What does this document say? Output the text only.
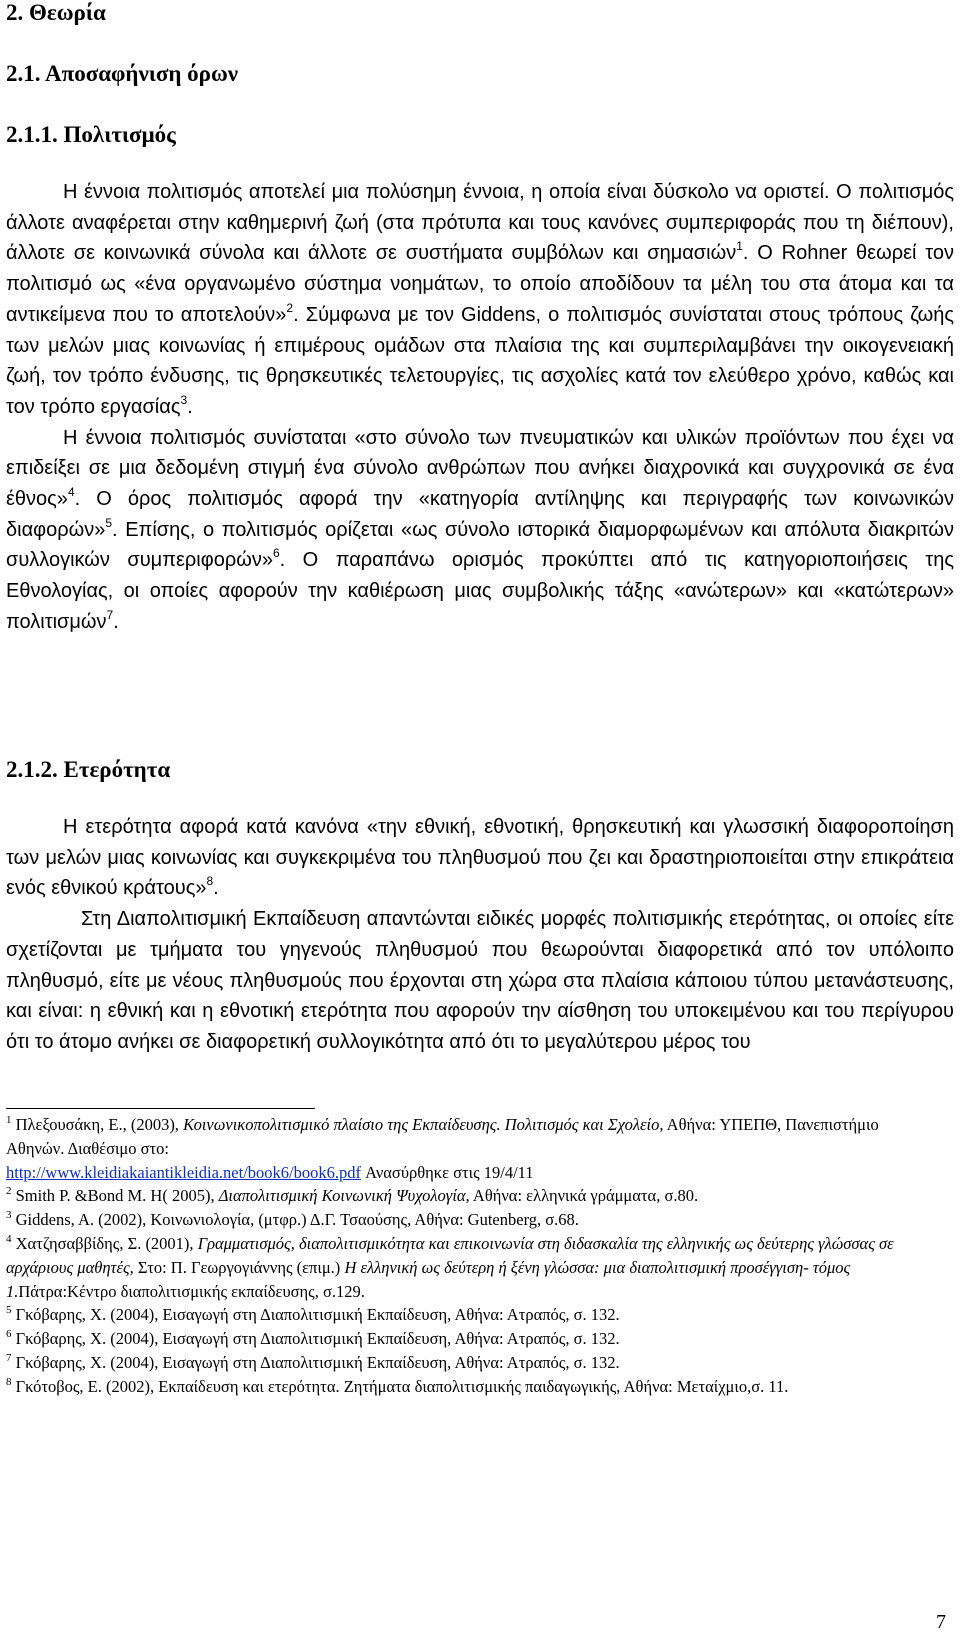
2. Θεωρία
2.1. Αποσαφήνιση όρων
2.1.1. Πολιτισμός

Η έννοια πολιτισμός αποτελεί μια πολύσημη έννοια, η οποία είναι δύσκολο να οριστεί. Ο πολιτισμός άλλοτε αναφέρεται στην καθημερινή ζωή (στα πρότυπα και τους κανόνες συμπεριφοράς που τη διέπουν), άλλοτε σε κοινωνικά σύνολα και άλλοτε σε συστήματα συμβόλων και σημασιών$^1$. Ο Rohner θεωρεί τον πολιτισμό ως «ένα οργανωμένο σύστημα νοημάτων, το οποίο αποδίδουν τα μέλη του στα άτομα και τα αντικείμενα που το αποτελούν»$^2$. Σύμφωνα με τον Giddens, ο πολιτισμός συνίσταται στους τρόπους ζωής των μελών μιας κοινωνίας ή επιμέρους ομάδων στα πλαίσια της και συμπεριλαμβάνει την οικογενειακή ζωή, τον τρόπο ένδυσης, τις θρησκευτικές τελετουργίες, τις ασχολίες κατά τον ελεύθερο χρόνο, καθώς και τον τρόπο εργασίας$^3$.

Η έννοια πολιτισμός συνίσταται «στο σύνολο των πνευματικών και υλικών προϊόντων που έχει να επιδείξει σε μια δεδομένη στιγμή ένα σύνολο ανθρώπων που ανήκει διαχρονικά και συγχρονικά σε ένα έθνος»$^4$. Ο όρος πολιτισμός αφορά την «κατηγορία αντίληψης και περιγραφής των κοινωνικών διαφορών»$^5$. Επίσης, ο πολιτισμός ορίζεται «ως σύνολο ιστορικά διαμορφωμένων και απόλυτα διακριτών συλλογικών συμπεριφορών»$^6$. Ο παραπάνω ορισμός προκύπτει από τις κατηγοριοποιήσεις της Εθνολογίας, οι οποίες αφορούν την καθιέρωση μιας συμβολικής τάξης «ανώτερων» και «κατώτερων» πολιτισμών$^7$.

2.1.2. Ετερότητα

Η ετερότητα αφορά κατά κανόνα «την εθνική, εθνοτική, θρησκευτική και γλωσσική διαφοροποίηση των μελών μιας κοινωνίας και συγκεκριμένα του πληθυσμού που ζει και δραστηριοποιείται στην επικράτεια ενός εθνικού κράτους»$^8$.

Στη Διαπολιτισμική Εκπαίδευση απαντώνται ειδικές μορφές πολιτισμικής ετερότητας, οι οποίες είτε σχετίζονται με τμήματα του γηγενούς πληθυσμού που θεωρούνται διαφορετικά από τον υπόλοιπο πληθυσμό, είτε με νέους πληθυσμούς που έρχονται στη χώρα στα πλαίσια κάποιου τύπου μετανάστευσης, και είναι: η εθνική και η εθνοτική ετερότητα που αφορούν την αίσθηση του υποκειμένου και του περίγυρου ότι το άτομο ανήκει σε διαφορετική συλλογικότητα από ότι το μεγαλύτερου μέρος του

$^1$ Πλεξουσάκη, Ε., (2003), Κοινωνικοπολιτισμικό πλαίσιο της Εκπαίδευσης. Πολιτισμός και Σχολείο, Αθήνα: ΥΠΕΠΘ, Πανεπιστήμιο Αθηνών. Διαθέσιμο στο:
http://www.kleidiakaiantikleidia.net/book6/book6.pdf Ανασύρθηκε στις 19/4/11

$^2$ Smith P. &Bond M. H( 2005), Διαπολιτισμική Κοινωνική Ψυχολογία, Αθήνα: ελληνικά γράμματα, σ.80.

$^3$ Giddens, A. (2002), Κοινωνιολογία, (μτφρ.) Δ.Γ. Τσαούσης, Αθήνα: Gutenberg, σ.68.

$^4$ Χατζησαββίδης, Σ. (2001), Γραμματισμός, διαπολιτισμικότητα και επικοινωνία στη διδασκαλία της ελληνικής ως δεύτερης γλώσσας σε αρχάριους μαθητές, Στο: Π. Γεωργογιάννης (επιμ.) Η ελληνική ως δεύτερη ή ξένη γλώσσα: μια διαπολιτισμική προσέγγιση- τόμος 1.Πάτρα:Κέντρο διαπολιτισμικής εκπαίδευσης, σ.129.

$^5$ Γκόβαρης, Χ. (2004), Εισαγωγή στη Διαπολιτισμική Εκπαίδευση, Αθήνα: Ατραπός, σ. 132.

$^6$ Γκόβαρης, Χ. (2004), Εισαγωγή στη Διαπολιτισμική Εκπαίδευση, Αθήνα: Ατραπός, σ. 132.

$^7$ Γκόβαρης, Χ. (2004), Εισαγωγή στη Διαπολιτισμική Εκπαίδευση, Αθήνα: Ατραπός, σ. 132.

$^8$ Γκότοβος, Ε. (2002), Εκπαίδευση και ετερότητα. Ζητήματα διαπολιτισμικής παιδαγωγικής, Αθήνα: Μεταίχμιο,σ. 11.

7
